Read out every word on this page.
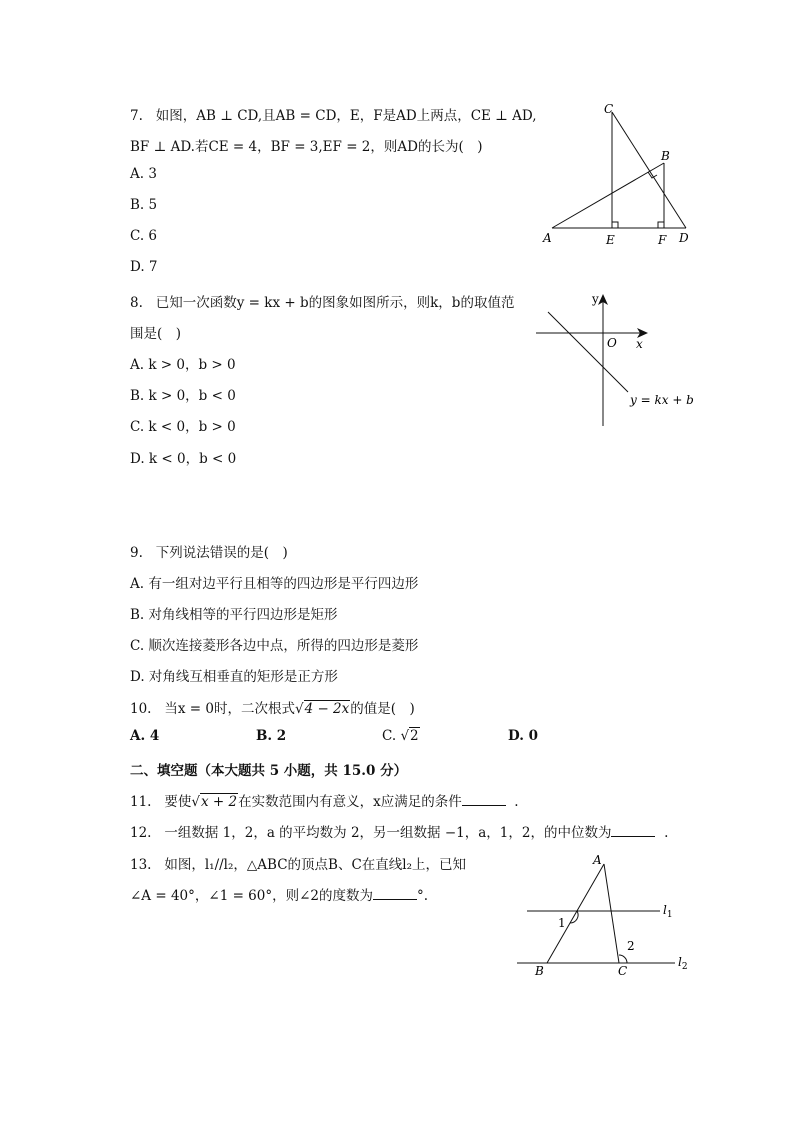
7. 如图，AB ⊥ CD,且AB = CD，E，F是AD上两点，CE ⊥ AD,
BF ⊥ AD.若CE = 4，BF = 3,EF = 2，则AD的长为(　)
A. 3
B. 5
C. 6
D. 7
C
B
A	E	F D
8. 已知一次函数y = kx + b的图象如图所示，则k，b的取值范
围是(　)
A. k > 0，b > 0
B. k > 0，b < 0
C. k < 0，b > 0
D. k < 0，b < 0
y
x
O
y = kx + b
9. 下列说法错误的是(　)
A. 有一组对边平行且相等的四边形是平行四边形
B. 对角线相等的平行四边形是矩形
C. 顺次连接菱形各边中点，所得的四边形是菱形
D. 对角线互相垂直的矩形是正方形
10. 当x = 0时，二次根式√4 − 2x的值是(　)
A. 4	B. 2	C. √2	D. 0
二、填空题（本大题共 5 小题，共 15.0 分）
11. 要使√x + 2在实数范围内有意义，x应满足的条件	.
12. 一组数据 1，2，a 的平均数为 2，另一组数据 −1，a，1，2，的中位数为	.
13. 如图，l₁//l₂，△ABC的顶点B、C在直线l₂上，已知
∠A = 40°，∠1 = 60°，则∠2的度数为	°.
A
1
2
B	C
$l_1$
$l_2$
